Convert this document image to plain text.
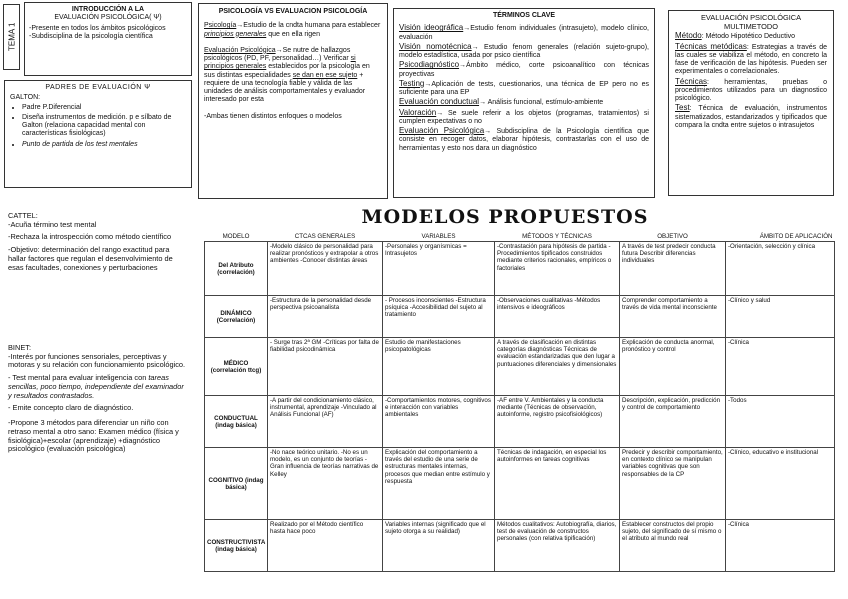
TEMA 1
INTRODUCCIÓN A LA
EVALUACIÓN PSICOLÓGICA( Ψ)

-Presente en todos los ámbitos psicológicos

-Subdisciplina de la psicología científica

PADRES DE EVALUACIÓN Ψ

GALTON:

• Padre P.Diferencial
• Diseña instrumentos de medición. p e sílbato de Galton (relaciona capacidad mental con características fisiológicas)
• Punto de partida de los test mentales

CATTEL:

-Acuña término test mental

-Rechaza la introspección como método científico

-Objetivo: determinación del rango exactitud para hallar factores que regulan el desenvolvimiento de esas facultades, conexiones y perturbaciones

BINET:

-Interés por funciones sensoriales, perceptivas y motoras y su relación con funcionamiento psicológico.

- Test mental para evaluar inteligencia con tareas sencillas, poco tiempo, independiente del examinador y resultados contrastados.

- Emite concepto claro de diagnóstico.

-Propone 3 métodos para diferenciar un niño con retraso mental a otro sano: Examen médico (física y fisiológica)+escolar (aprendizaje) +diagnóstico psicológico (evaluación psicológica)

PSICOLOGÍA VS EVALUACION PSICOLOGÍA

Psicología→Estudio de la cndta humana para establecer principios generales que en ella rigen

Evaluación Psicológica→Se nutre de hallazgos psicológicos (PD, PF, personalidad…) Verificar si principios generales establecidos por la psicología en sus distintas especialidades se dan en ese sujeto + requiere de una tecnología fiable y válida de las unidades de análisis comportamentales y evaluador interesado por esta

-Ambas tienen distintos enfoques o modelos

TÉRMINOS CLAVE

Visión ideográfica→Estudio fenom individuales (intrasujeto), modelo clínico, evaluación

Visión nomotécnica→ Estudio fenom generales (relación sujeto-grupo), modelo estadística, usada por psico científica

Psicodiagnóstico→Ámbito médico, corte psicoanalítico con técnicas proyectivas

Testing→Aplicación de tests, cuestionarios, una técnica de EP pero no es suficiente para una EP

Evaluación conductual→ Análisis funcional, estímulo-ambiente

Valoración→ Se suele referir a los objetos (programas, tratamientos) si cumplen expectativas o no

Evaluación Psicológica→ Subdisciplina de la Psicología científica que consiste en recoger datos, elaborar hipótesis, contrastarlas con el uso de herramientas y esto nos dara un diagnóstico

EVALUACIÓN PSICOLÓGICA
MULTIMETODO

Método: Método Hipotético Deductivo

Técnicas metódicas: Estrategias a través de las cuales se viabiliza el método, en concreto la fase de verificación de las hipótesis. Pueden ser experimentales o correlacionales.

Técnicas: herramientas, pruebas o procedimientos utilizados para un diagnostico psicológico.

Test: Técnica de evaluación, instrumentos sistematizados, estandarizados y tipificados que compara la cndta entre sujetos o intrasujetos

MODELOS PROPUESTOS
MODELO	CTCAS GENERALES	VARIABLES	MÉTODOS Y TÉCNICAS	OBJETIVO	ÁMBITO DE APLICACIÓN
Del Atributo (correlación)	-Modelo clásico de personalidad para realizar pronósticos y extrapolar a otros ambientes -Conocer distintas áreas	-Personales y organísmicas = Intrasujetos	-Contrastación para hipótesis de partida -Procedimientos tipificados construidos mediante criterios racionales, empíricos o factoriales	A través de test predecir conducta futura Describir diferencias individuales	-Orientación, selección y clínica
DINÁMICO (Correlación)	-Estructura de la personalidad desde perspectiva psicoanalista	- Procesos inconscientes -Estructura psíquica -Accesibilidad del sujeto al tratamiento	-Observaciones cualitativas -Métodos intensivos e ideográficos	Comprender comportamiento a través de vida mental inconsciente	-Clínico y salud
MÉDICO (correlación ttcg)	- Surge tras 2ª GM -Críticas por falta de fiabilidad psicodinámica	Estudio de manifestaciones psicopatológicas	A través de clasificación en distintas categorías diagnósticas Técnicas de evaluación estandarizadas que den lugar a puntuaciones diferenciales y dimensionales	Explicación de conducta anormal, pronóstico y control	-Clínica
CONDUCTUAL (indag básica)	-A partir del condicionamiento clásico, instrumental, aprendizaje -Vinculado al Análisis Funcional (AF)	-Comportamientos motores, cognitivos e interacción con variables ambientales	-AF entre V. Ambientales y la conducta mediante (Técnicas de observación, autoinforme, registro psicofisiológicos)	Descripción, explicación, predicción y control de comportamiento	-Todos
COGNITIVO (indag básica)	-No nace teórico unitario. -No es un modelo, es un conjunto de teorías -Gran influencia de teorías narrativas de Kelley	Explicación del comportamiento a través del estudio de una serie de estructuras mentales internas, procesos que median entre estímulo y respuesta	Técnicas de indagación, en especial los autoinformes en tareas cognitivas	Predecir y describir comportamiento, en contexto clínico se manipulan variables cognitivas que son responsables de la CP	-Clínico, educativo e institucional
CONSTRUCTIVISTA (indag básica)	Realizado por el Método científico hasta hace poco	Variables internas (significado que el sujeto otorga a su realidad)	Métodos cualitativos: Autobiografía, diarios, test de evaluación de constructos personales (con relativa tipificación)	Establecer constructos del propio sujeto, del significado de sí mismo o el atributo al mundo real	-Clínica
